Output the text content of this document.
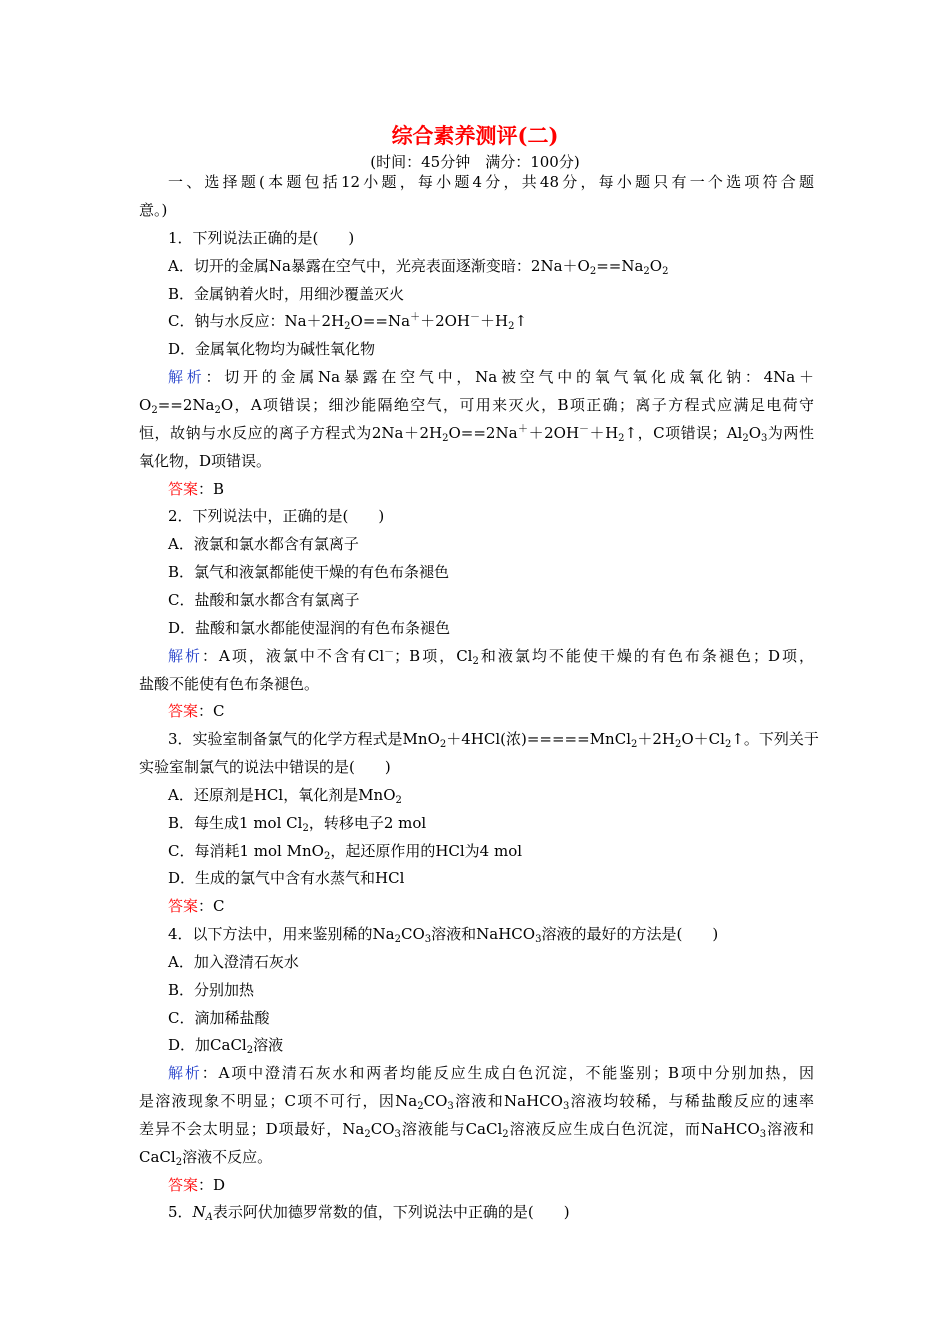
综合素养测评(二)
(时间：45分钟　满分：100分)
一、选择题(本题包括12小题，每小题4分，共48分，每小题只有一个选项符合题
意。)
1．下列说法正确的是(　　)
A．切开的金属Na暴露在空气中，光亮表面逐渐变暗：$2Na+O_2==Na_2O_2$
B．金属钠着火时，用细沙覆盖灭火
C．钠与水反应：$Na+2H_2O==Na^++2OH^-+H_2↑$
D．金属氧化物均为碱性氧化物
解析：切开的金属Na暴露在空气中，Na被空气中的氧气氧化成氧化钠：4Na＋
$O_2==2Na_2O$，A项错误；细沙能隔绝空气，可用来灭火，B项正确；离子方程式应满足电荷守
恒，故钠与水反应的离子方程式为$2Na+2H_2O==2Na^++2OH^-+H_2↑$，C项错误；$Al_2O_3$为两性
氧化物，D项错误。
答案：B
2．下列说法中，正确的是(　　)
A．液氯和氯水都含有氯离子
B．氯气和液氯都能使干燥的有色布条褪色
C．盐酸和氯水都含有氯离子
D．盐酸和氯水都能使湿润的有色布条褪色
解析：A项，液氯中不含有Cl－；B项，$Cl_2$和液氯均不能使干燥的有色布条褪色；D项，
盐酸不能使有色布条褪色。
答案：C
3．实验室制备氯气的化学方程式是MnO$_2$＋4HCl(浓)$=====MnCl_2+2H_2O+Cl_2↑$。下列关于
实验室制氯气的说法中错误的是(　　)
A．还原剂是HCl，氧化剂是MnO$_2$
B．每生成1 mol $Cl_2$，转移电子2 mol
C．每消耗1 mol MnO$_2$，起还原作用的HCl为4 mol
D．生成的氯气中含有水蒸气和HCl
答案：C
4．以下方法中，用来鉴别稀的$Na_2CO_3$溶液和NaHCO$_3$溶液的最好的方法是(　　)
A．加入澄清石灰水
B．分别加热
C．滴加稀盐酸
D．加CaCl$_2$溶液
解析：A项中澄清石灰水和两者均能反应生成白色沉淀，不能鉴别；B项中分别加热，因
是溶液现象不明显；C项不可行，因$Na_2CO_3$溶液和NaHCO$_3$溶液均较稀，与稀盐酸反应的速率
差异不会太明显；D项最好，$Na_2CO_3$溶液能与CaCl$_2$溶液反应生成白色沉淀，而NaHCO$_3$溶液和
CaCl$_2$溶液不反应。
答案：D
5．$N_A$表示阿伏加德罗常数的值，下列说法中正确的是(　　)
